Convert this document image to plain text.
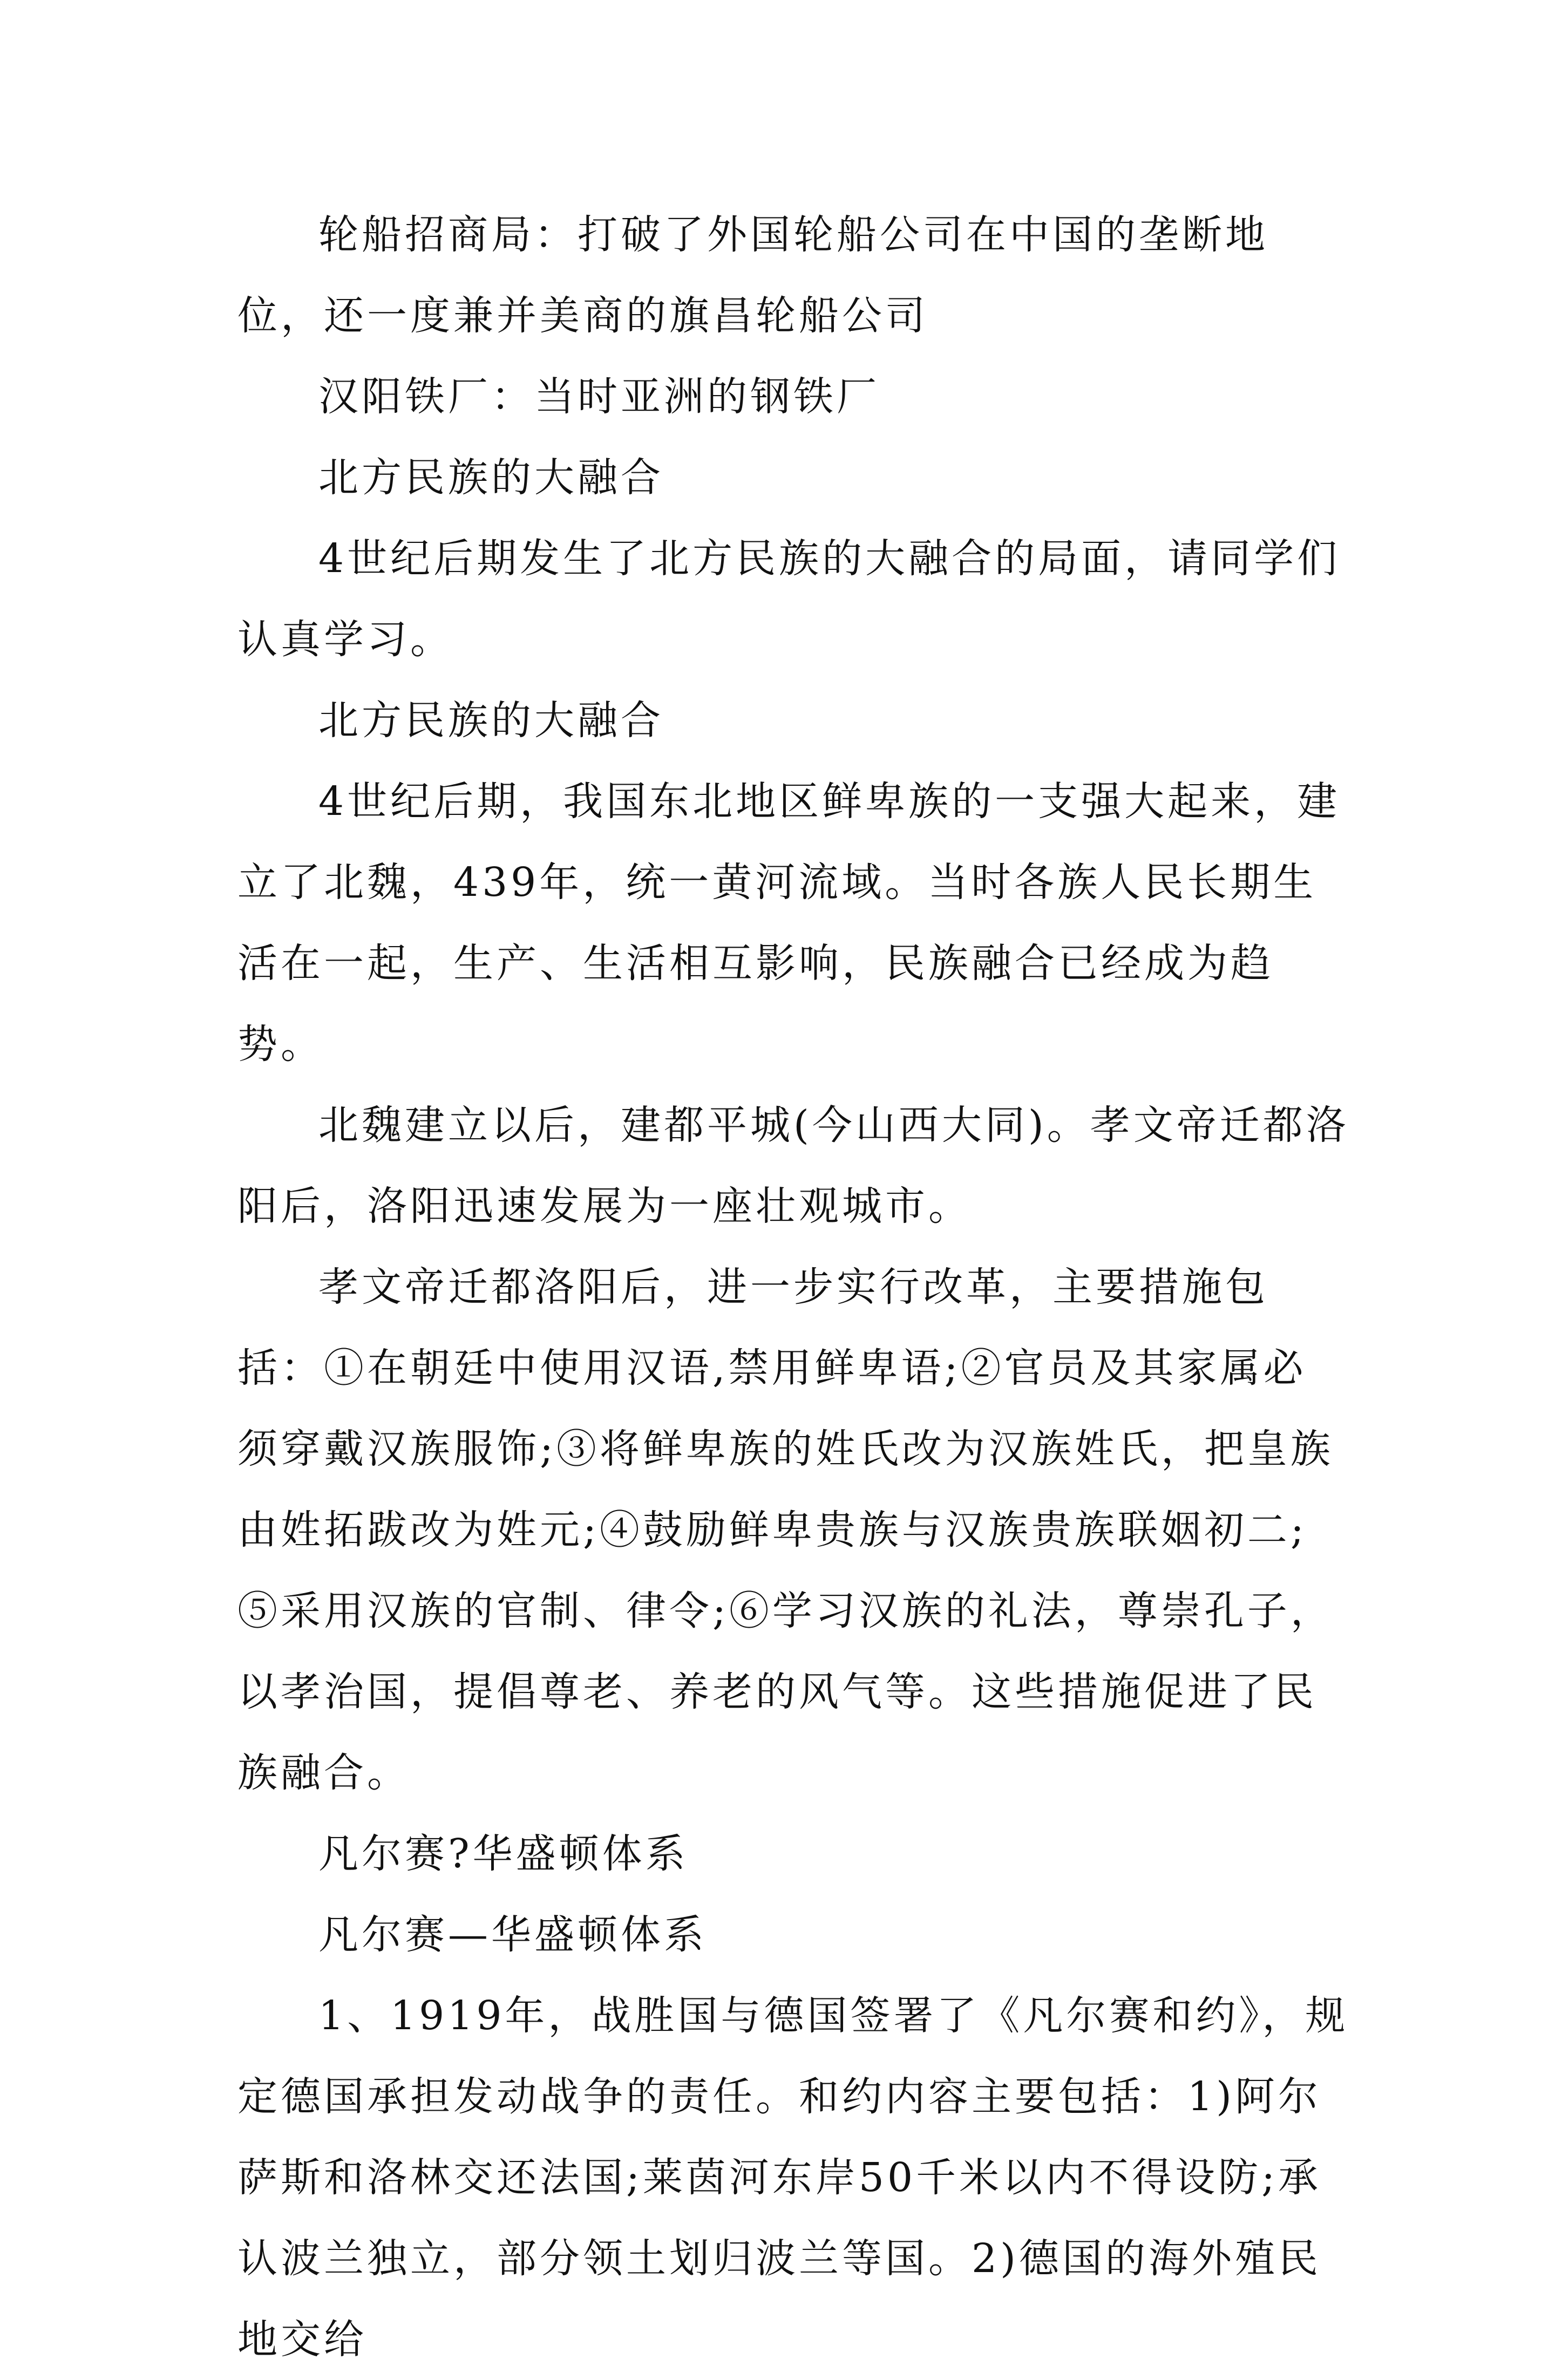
轮船招商局：打破了外国轮船公司在中国的垄断地位，还一度兼并美商的旗昌轮船公司

汉阳铁厂：当时亚洲的钢铁厂

北方民族的大融合

4世纪后期发生了北方民族的大融合的局面，请同学们认真学习。

北方民族的大融合

4世纪后期，我国东北地区鲜卑族的一支强大起来，建立了北魏，439年，统一黄河流域。当时各族人民长期生活在一起，生产、生活相互影响，民族融合已经成为趋势。

北魏建立以后，建都平城(今山西大同)。孝文帝迁都洛阳后，洛阳迅速发展为一座壮观城市。

孝文帝迁都洛阳后，进一步实行改革，主要措施包括：①在朝廷中使用汉语,禁用鲜卑语;②官员及其家属必须穿戴汉族服饰;③将鲜卑族的姓氏改为汉族姓氏，把皇族由姓拓跋改为姓元;④鼓励鲜卑贵族与汉族贵族联姻初二;⑤采用汉族的官制、律令;⑥学习汉族的礼法，尊崇孔子，以孝治国，提倡尊老、养老的风气等。这些措施促进了民族融合。

凡尔赛?华盛顿体系

凡尔赛—华盛顿体系

1、1919年，战胜国与德国签署了《凡尔赛和约》，规定德国承担发动战争的责任。和约内容主要包括：1)阿尔萨斯和洛林交还法国;莱茵河东岸50千米以内不得设防;承认波兰独立，部分领土划归波兰等国。2)德国的海外殖民地交给
